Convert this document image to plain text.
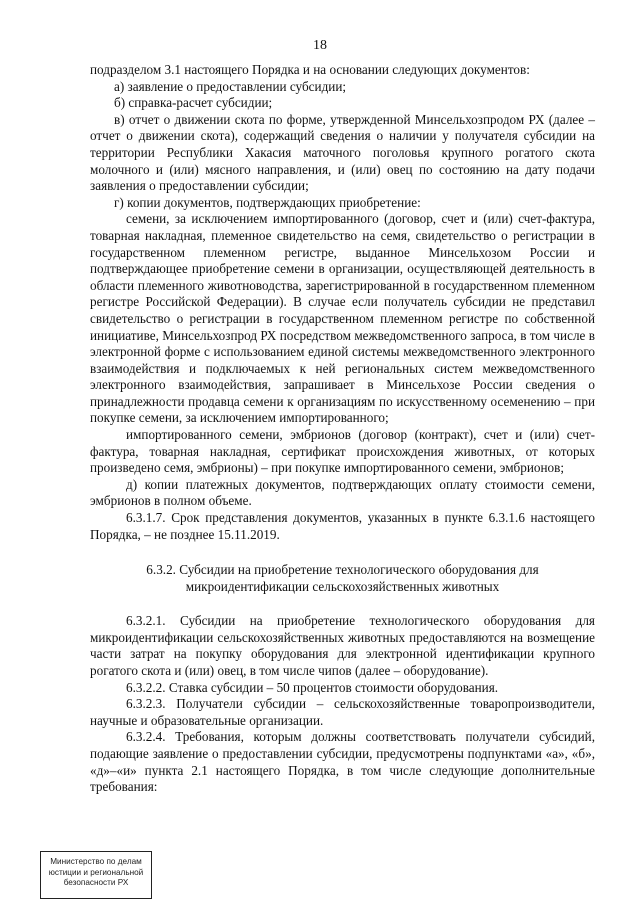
18

подразделом 3.1 настоящего Порядка и на основании следующих документов:

а) заявление о предоставлении субсидии;

б) справка-расчет субсидии;

в) отчет о движении скота по форме, утвержденной Минсельхозпродом РХ (далее – отчет о движении скота), содержащий сведения о наличии у получателя субсидии на территории Республики Хакасия маточного поголовья крупного рогатого скота молочного и (или) мясного направления, и (или) овец по состоянию на дату подачи заявления о предоставлении субсидии;

г) копии документов, подтверждающих приобретение:

семени, за исключением импортированного (договор, счет и (или) счет-фактура, товарная накладная, племенное свидетельство на семя, свидетельство о регистрации в государственном племенном регистре, выданное Минсельхозом России и подтверждающее приобретение семени в организации, осуществляющей деятельность в области племенного животноводства, зарегистрированной в государственном племенном регистре Российской Федерации). В случае если получатель субсидии не представил свидетельство о регистрации в государственном племенном регистре по собственной инициативе, Минсельхозпрод РХ посредством межведомственного запроса, в том числе в электронной форме с использованием единой системы межведомственного электронного взаимодействия и подключаемых к ней региональных систем межведомственного электронного взаимодействия, запрашивает в Минсельхозе России сведения о принадлежности продавца семени к организациям по искусственному осеменению – при покупке семени, за исключением импортированного;

импортированного семени, эмбрионов (договор (контракт), счет и (или) счет-фактура, товарная накладная, сертификат происхождения животных, от которых произведено семя, эмбрионы) – при покупке импортированного семени, эмбрионов;

д) копии платежных документов, подтверждающих оплату стоимости семени, эмбрионов в полном объеме.

6.3.1.7. Срок представления документов, указанных в пункте 6.3.1.6 настоящего Порядка, – не позднее 15.11.2019.

6.3.2. Субсидии на приобретение технологического оборудования для
микроидентификации сельскохозяйственных животных

6.3.2.1. Субсидии на приобретение технологического оборудования для микроидентификации сельскохозяйственных животных предоставляются на возмещение части затрат на покупку оборудования для электронной идентификации крупного рогатого скота и (или) овец, в том числе чипов (далее – оборудование).

6.3.2.2. Ставка субсидии – 50 процентов стоимости оборудования.

6.3.2.3. Получатели субсидии – сельскохозяйственные товаропроизводители, научные и образовательные организации.

6.3.2.4. Требования, которым должны соответствовать получатели субсидий, подающие заявление о предоставлении субсидии, предусмотрены подпунктами «а», «б», «д»–«и» пункта 2.1 настоящего Порядка, в том числе следующие дополнительные требования:

Министерство по делам
юстиции и региональной
безопасности РХ
